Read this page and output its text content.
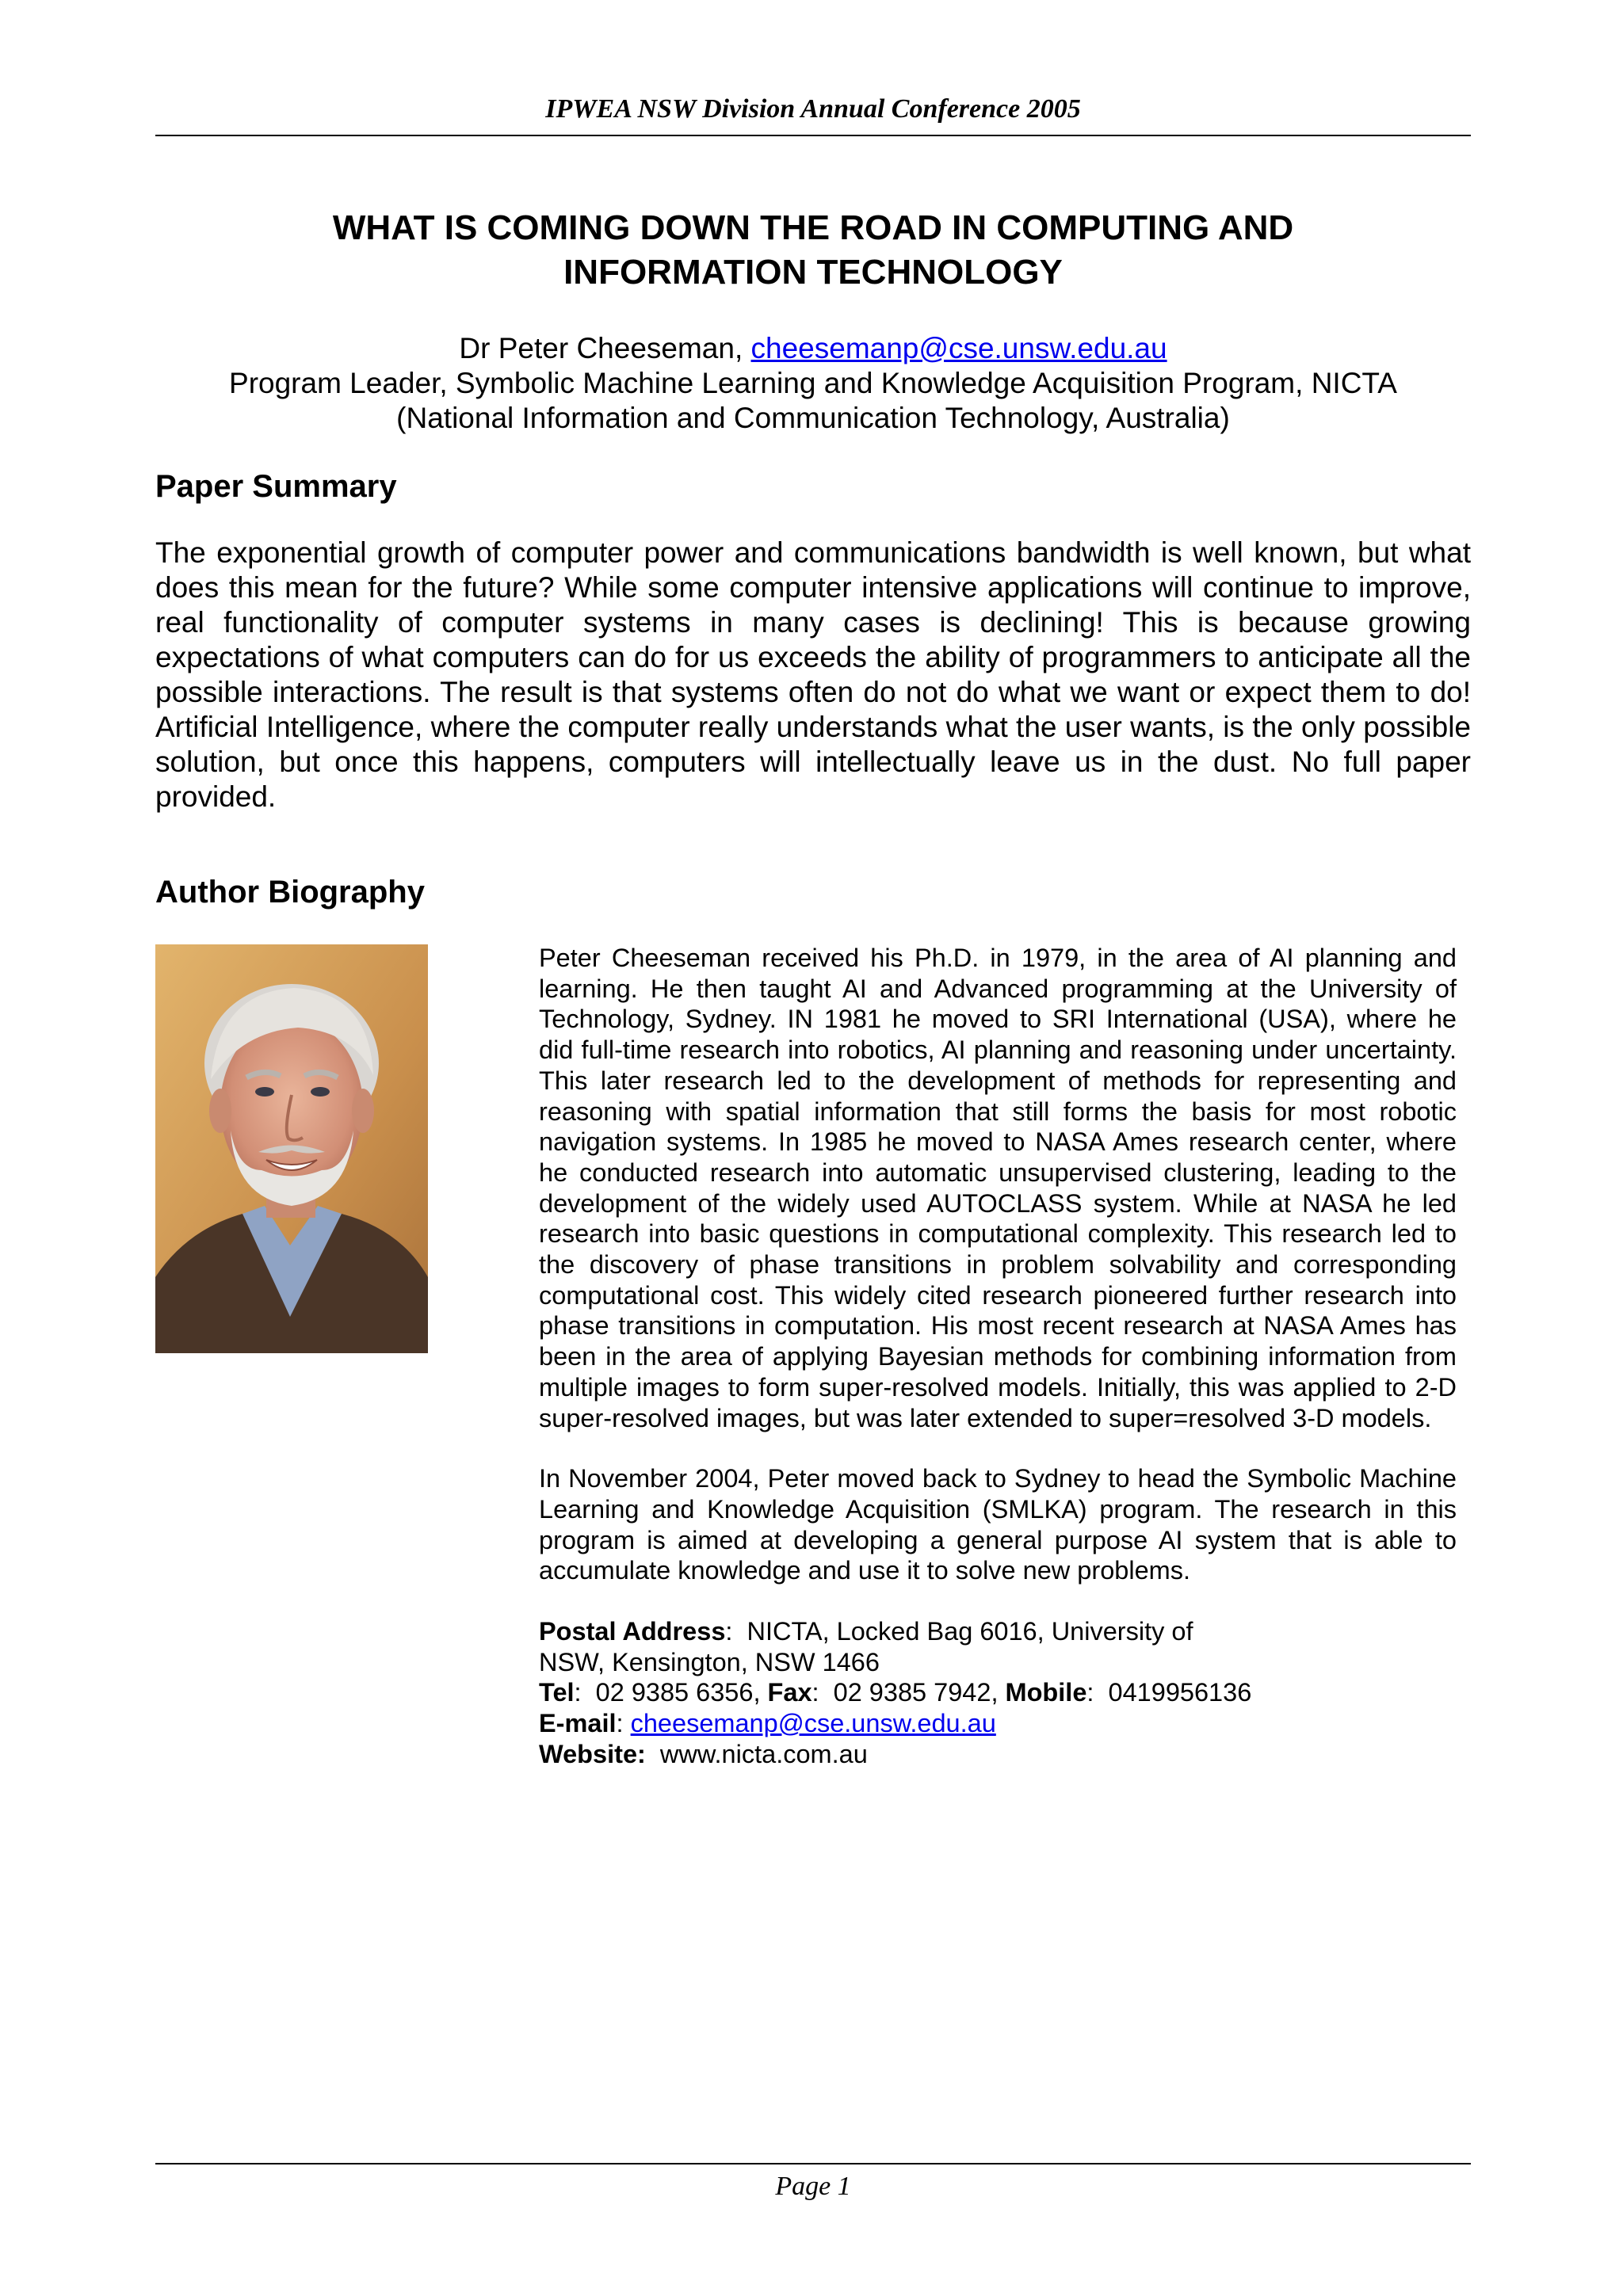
IPWEA NSW Division Annual Conference 2005
WHAT IS COMING DOWN THE ROAD IN COMPUTING AND
INFORMATION TECHNOLOGY
Dr Peter Cheeseman, cheesemanp@cse.unsw.edu.au
Program Leader, Symbolic Machine Learning and Knowledge Acquisition Program, NICTA
(National Information and Communication Technology, Australia)
Paper Summary

The exponential growth of computer power and communications bandwidth is well known, but what does this mean for the future? While some computer intensive applications will continue to improve, real functionality of computer systems in many cases is declining! This is because growing expectations of what computers can do for us exceeds the ability of programmers to anticipate all the possible interactions. The result is that systems often do not do what we want or expect them to do! Artificial Intelligence, where the computer really understands what the user wants, is the only possible solution, but once this happens, computers will intellectually leave us in the dust. No full paper provided.

Author Biography

Peter Cheeseman received his Ph.D. in 1979, in the area of AI planning and learning. He then taught AI and Advanced programming at the University of Technology, Sydney. IN 1981 he moved to SRI International (USA), where he did full-time research into robotics, AI planning and reasoning under uncertainty. This later research led to the development of methods for representing and reasoning with spatial information that still forms the basis for most robotic navigation systems. In 1985 he moved to NASA Ames research center, where he conducted research into automatic unsupervised clustering, leading to the development of the widely used AUTOCLASS system. While at NASA he led research into basic questions in computational complexity. This research led to the discovery of phase transitions in problem solvability and corresponding computational cost. This widely cited research pioneered further research into phase transitions in computation. His most recent research at NASA Ames has been in the area of applying Bayesian methods for combining information from multiple images to form super-resolved models. Initially, this was applied to 2-D super-resolved images, but was later extended to super=resolved 3-D models.

In November 2004, Peter moved back to Sydney to head the Symbolic Machine Learning and Knowledge Acquisition (SMLKA) program. The research in this program is aimed at developing a general purpose AI system that is able to accumulate knowledge and use it to solve new problems.

Postal Address:  NICTA, Locked Bag 6016, University of
NSW, Kensington, NSW 1466
Tel:  02 9385 6356, Fax:  02 9385 7942, Mobile:  0419956136
E-mail: cheesemanp@cse.unsw.edu.au
Website: www.nicta.com.au
Page 1
